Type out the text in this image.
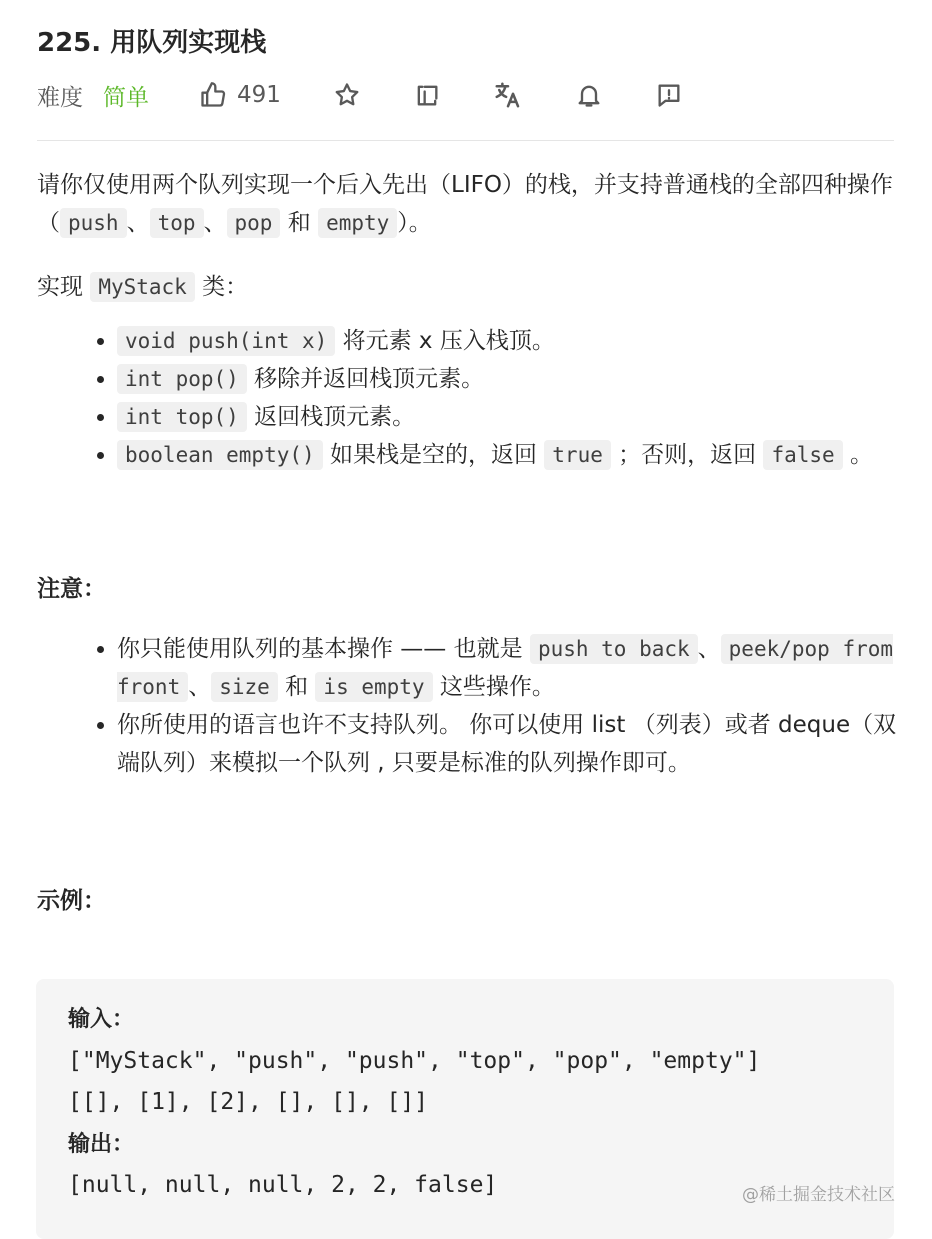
225. 用队列实现栈
难度 简单	491

请你仅使用两个队列实现一个后入先出（LIFO）的栈，并支持普通栈的全部四种操作（ push 、 top 、 pop 和 empty ）。

实现 MyStack 类：

• void push(int x) 将元素 x 压入栈顶。
• int pop() 移除并返回栈顶元素。
• int top() 返回栈顶元素。
• boolean empty() 如果栈是空的，返回 true ；否则，返回 false 。

注意：

• 你只能使用队列的基本操作 —— 也就是 push to back 、 peek/pop from front 、 size 和 is empty 这些操作。
• 你所使用的语言也许不支持队列。 你可以使用 list （列表）或者 deque（双端队列）来模拟一个队列 , 只要是标准的队列操作即可。

示例：

输入：
["MyStack", "push", "push", "top", "pop", "empty"]
[[], [1], [2], [], [], []]
输出：
[null, null, null, 2, 2, false]	@稀土掘金技术社区
